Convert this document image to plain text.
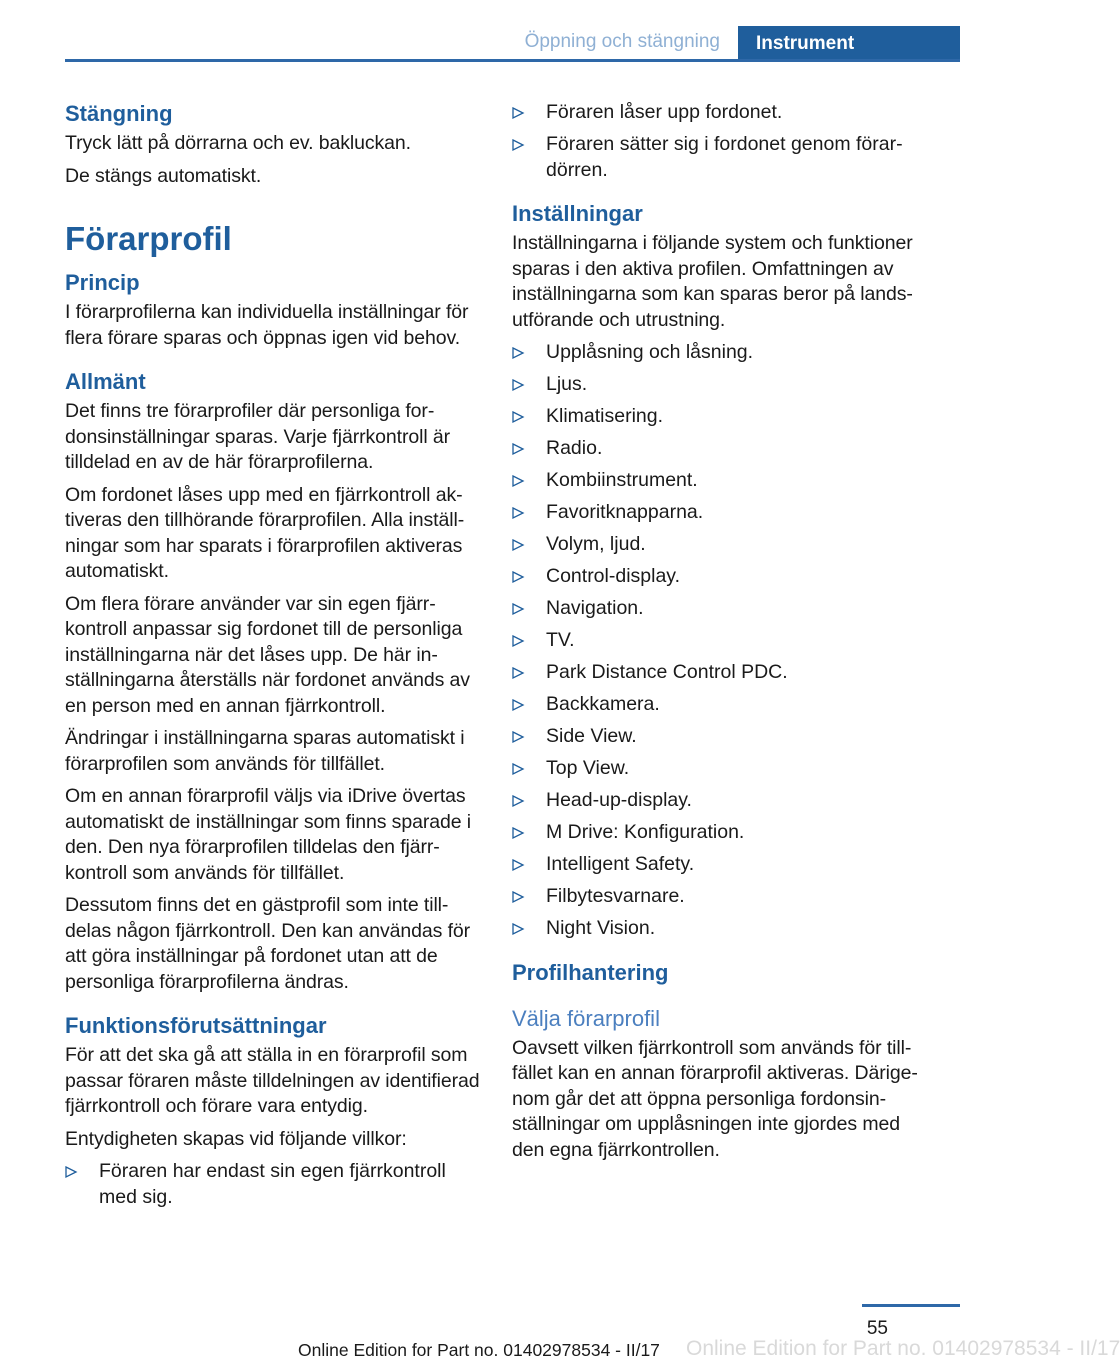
Öppning och stängning Instrument
Stängning

Tryck lätt på dörrarna och ev. bakluckan.

De stängs automatiskt.

Förarprofil
Princip

I förarprofilerna kan individuella inställningar för flera förare sparas och öppnas igen vid behov.

Allmänt

Det finns tre förarprofiler där personliga fordonsinställningar sparas. Varje fjärrkontroll är tilldelad en av de här förarprofilerna.

Om fordonet låses upp med en fjärrkontroll aktiveras den tillhörande förarprofilen. Alla inställningar som har sparats i förarprofilen aktiveras automatiskt.

Om flera förare använder var sin egen fjärrkontroll anpassar sig fordonet till de personliga inställningarna när det låses upp. De här inställningarna återställs när fordonet används av en person med en annan fjärrkontroll.

Ändringar i inställningarna sparas automatiskt i förarprofilen som används för tillfället.

Om en annan förarprofil väljs via iDrive övertas automatiskt de inställningar som finns sparade i den. Den nya förarprofilen tilldelas den fjärrkontroll som används för tillfället.

Dessutom finns det en gästprofil som inte tilldelas någon fjärrkontroll. Den kan användas för att göra inställningar på fordonet utan att de personliga förarprofilerna ändras.

Funktionsförutsättningar

För att det ska gå att ställa in en förarprofil som passar föraren måste tilldelningen av identifierad fjärrkontroll och förare vara entydig.

Entydigheten skapas vid följande villkor:

Föraren har endast sin egen fjärrkontroll med sig.
Föraren låser upp fordonet.
Föraren sätter sig i fordonet genom förardörren.
Inställningar

Inställningarna i följande system och funktioner sparas i den aktiva profilen. Omfattningen av inställningarna som kan sparas beror på landsutförande och utrustning.

Upplåsning och låsning.
Ljus.
Klimatisering.
Radio.
Kombiinstrument.
Favoritknapparna.
Volym, ljud.
Control-display.
Navigation.
TV.
Park Distance Control PDC.
Backkamera.
Side View.
Top View.
Head-up-display.
M Drive: Konfiguration.
Intelligent Safety.
Filbytesvarnare.
Night Vision.
Profilhantering
Välja förarprofil

Oavsett vilken fjärrkontroll som används för tillfället kan en annan förarprofil aktiveras. Därigenom går det att öppna personliga fordonsinställningar om upplåsningen inte gjordes med den egna fjärrkontrollen.

55
Online Edition for Part no. 01402978534 - II/17 Online Edition for Part no. 01402978534 - II/17
